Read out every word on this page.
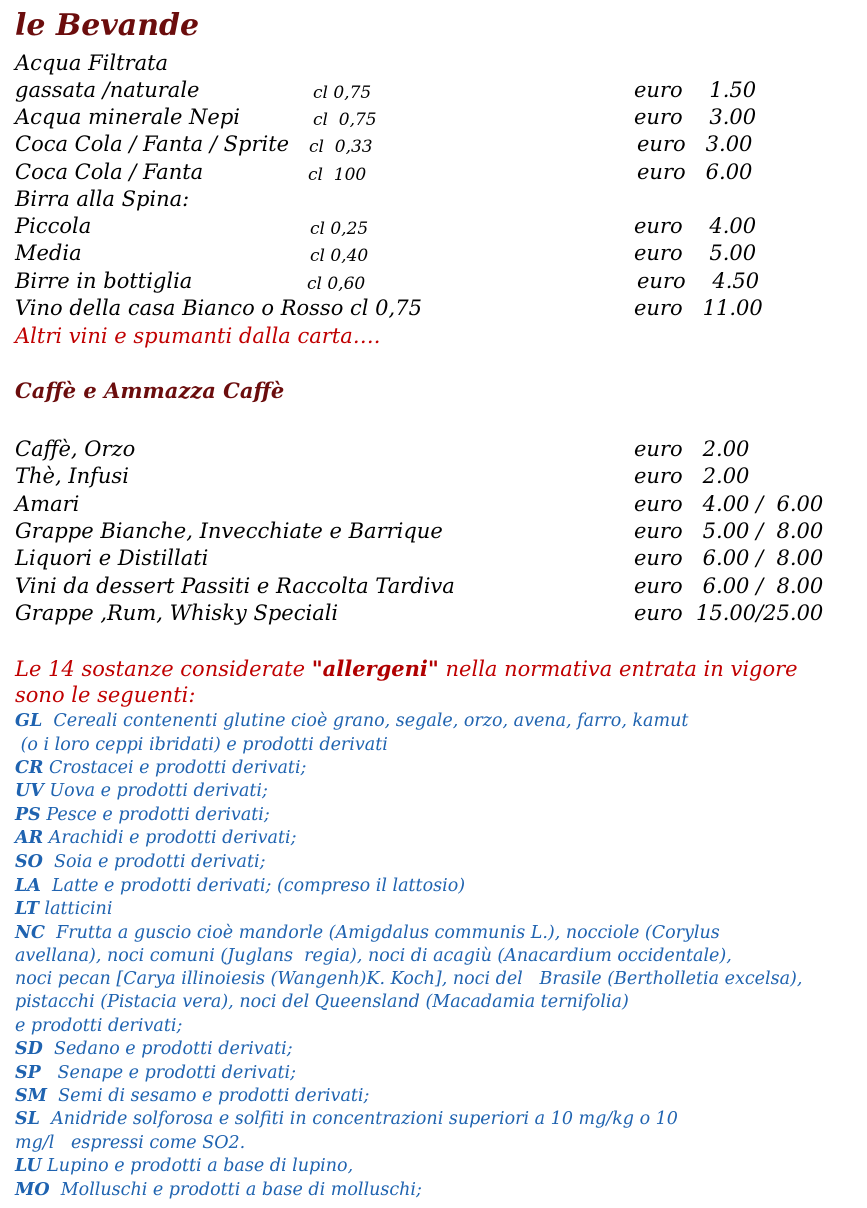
le Bevande
Acqua Filtrata
gassata /naturale	cl 0,75	euro    1.50
Acqua minerale Nepi	cl  0,75	euro    3.00
Coca Cola / Fanta / Sprite cl  0,33	euro   3.00
Coca Cola / Fanta	cl  100	euro   6.00
Birra alla Spina:
Piccola	cl 0,25	euro    4.00
Media	cl 0,40	euro    5.00
Birre in bottiglia	cl 0,60	euro    4.50
Vino della casa Bianco o Rosso cl 0,75	euro   11.00
Altri vini e spumanti dalla carta….
Caffè e Ammazza Caffè
Caffè, Orzo	euro   2.00
Thè, Infusi	euro   2.00
Amari	euro   4.00 /  6.00
Grappe Bianche, Invecchiate e Barrique	euro   5.00 /  8.00
Liquori e Distillati	euro   6.00 /  8.00
Vini da dessert Passiti e Raccolta Tardiva	euro   6.00 /  8.00
Grappe ,Rum, Whisky Speciali	euro  15.00/25.00
Le 14 sostanze considerate "allergeni" nella normativa entrata in vigore
sono le seguenti:
GL  Cereali contenenti glutine cioè grano, segale, orzo, avena, farro, kamut
(o i loro ceppi ibridati) e prodotti derivati
CR Crostacei e prodotti derivati;
UV Uova e prodotti derivati;
PS Pesce e prodotti derivati;
AR Arachidi e prodotti derivati;
SO  Soia e prodotti derivati;
LA  Latte e prodotti derivati; (compreso il lattosio)
LT latticini
NC  Frutta a guscio cioè mandorle (Amigdalus communis L.), nocciole (Corylus
avellana), noci comuni (Juglans  regia), noci di acagiù (Anacardium occidentale),
noci pecan [Carya illinoiesis (Wangenh)K. Koch], noci del   Brasile (Bertholletia excelsa),
pistacchi (Pistacia vera), noci del Queensland (Macadamia ternifolia)
e prodotti derivati;
SD  Sedano e prodotti derivati;
SP   Senape e prodotti derivati;
SM  Semi di sesamo e prodotti derivati;
SL  Anidride solforosa e solfiti in concentrazioni superiori a 10 mg/kg o 10
mg/l   espressi come SO2.
LU Lupino e prodotti a base di lupino,
MO  Molluschi e prodotti a base di molluschi;
